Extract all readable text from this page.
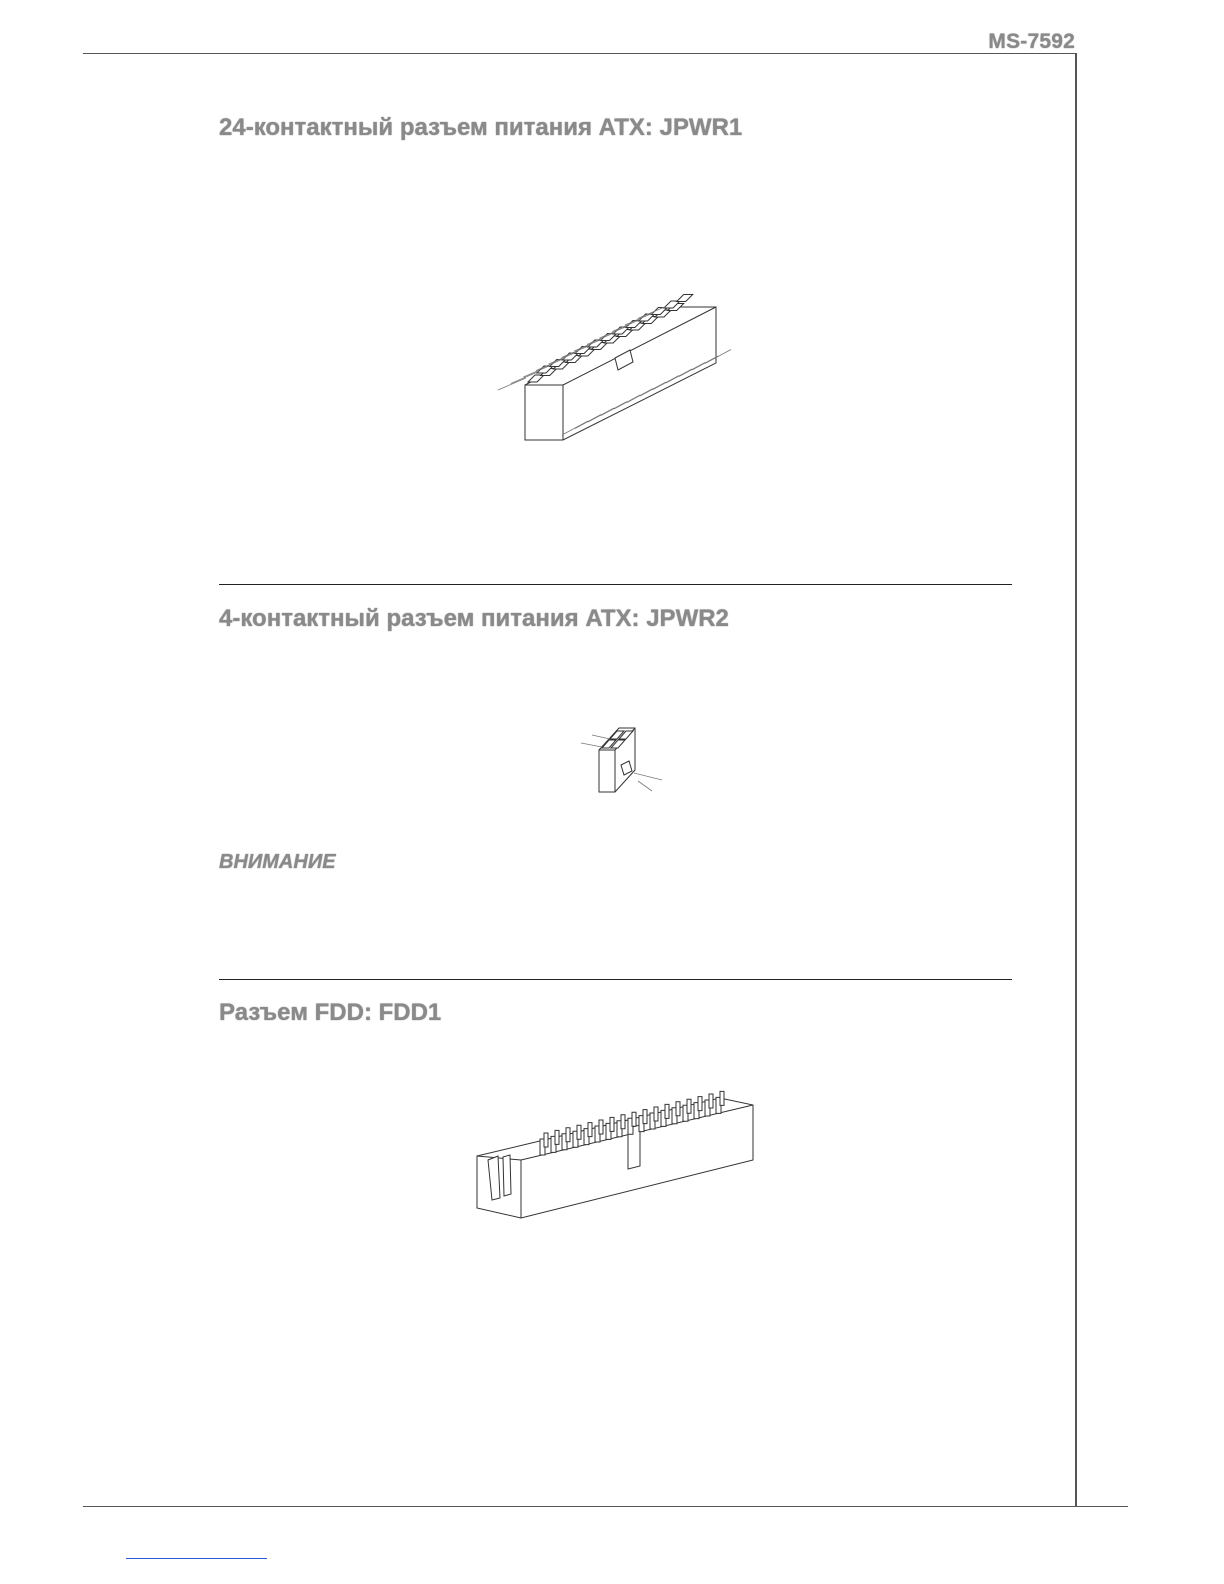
MS-7592
24-контактный разъем питания ATX: JPWR1
4-контактный разъем питания ATX: JPWR2
ВНИМАНИЕ
Разъем FDD: FDD1
